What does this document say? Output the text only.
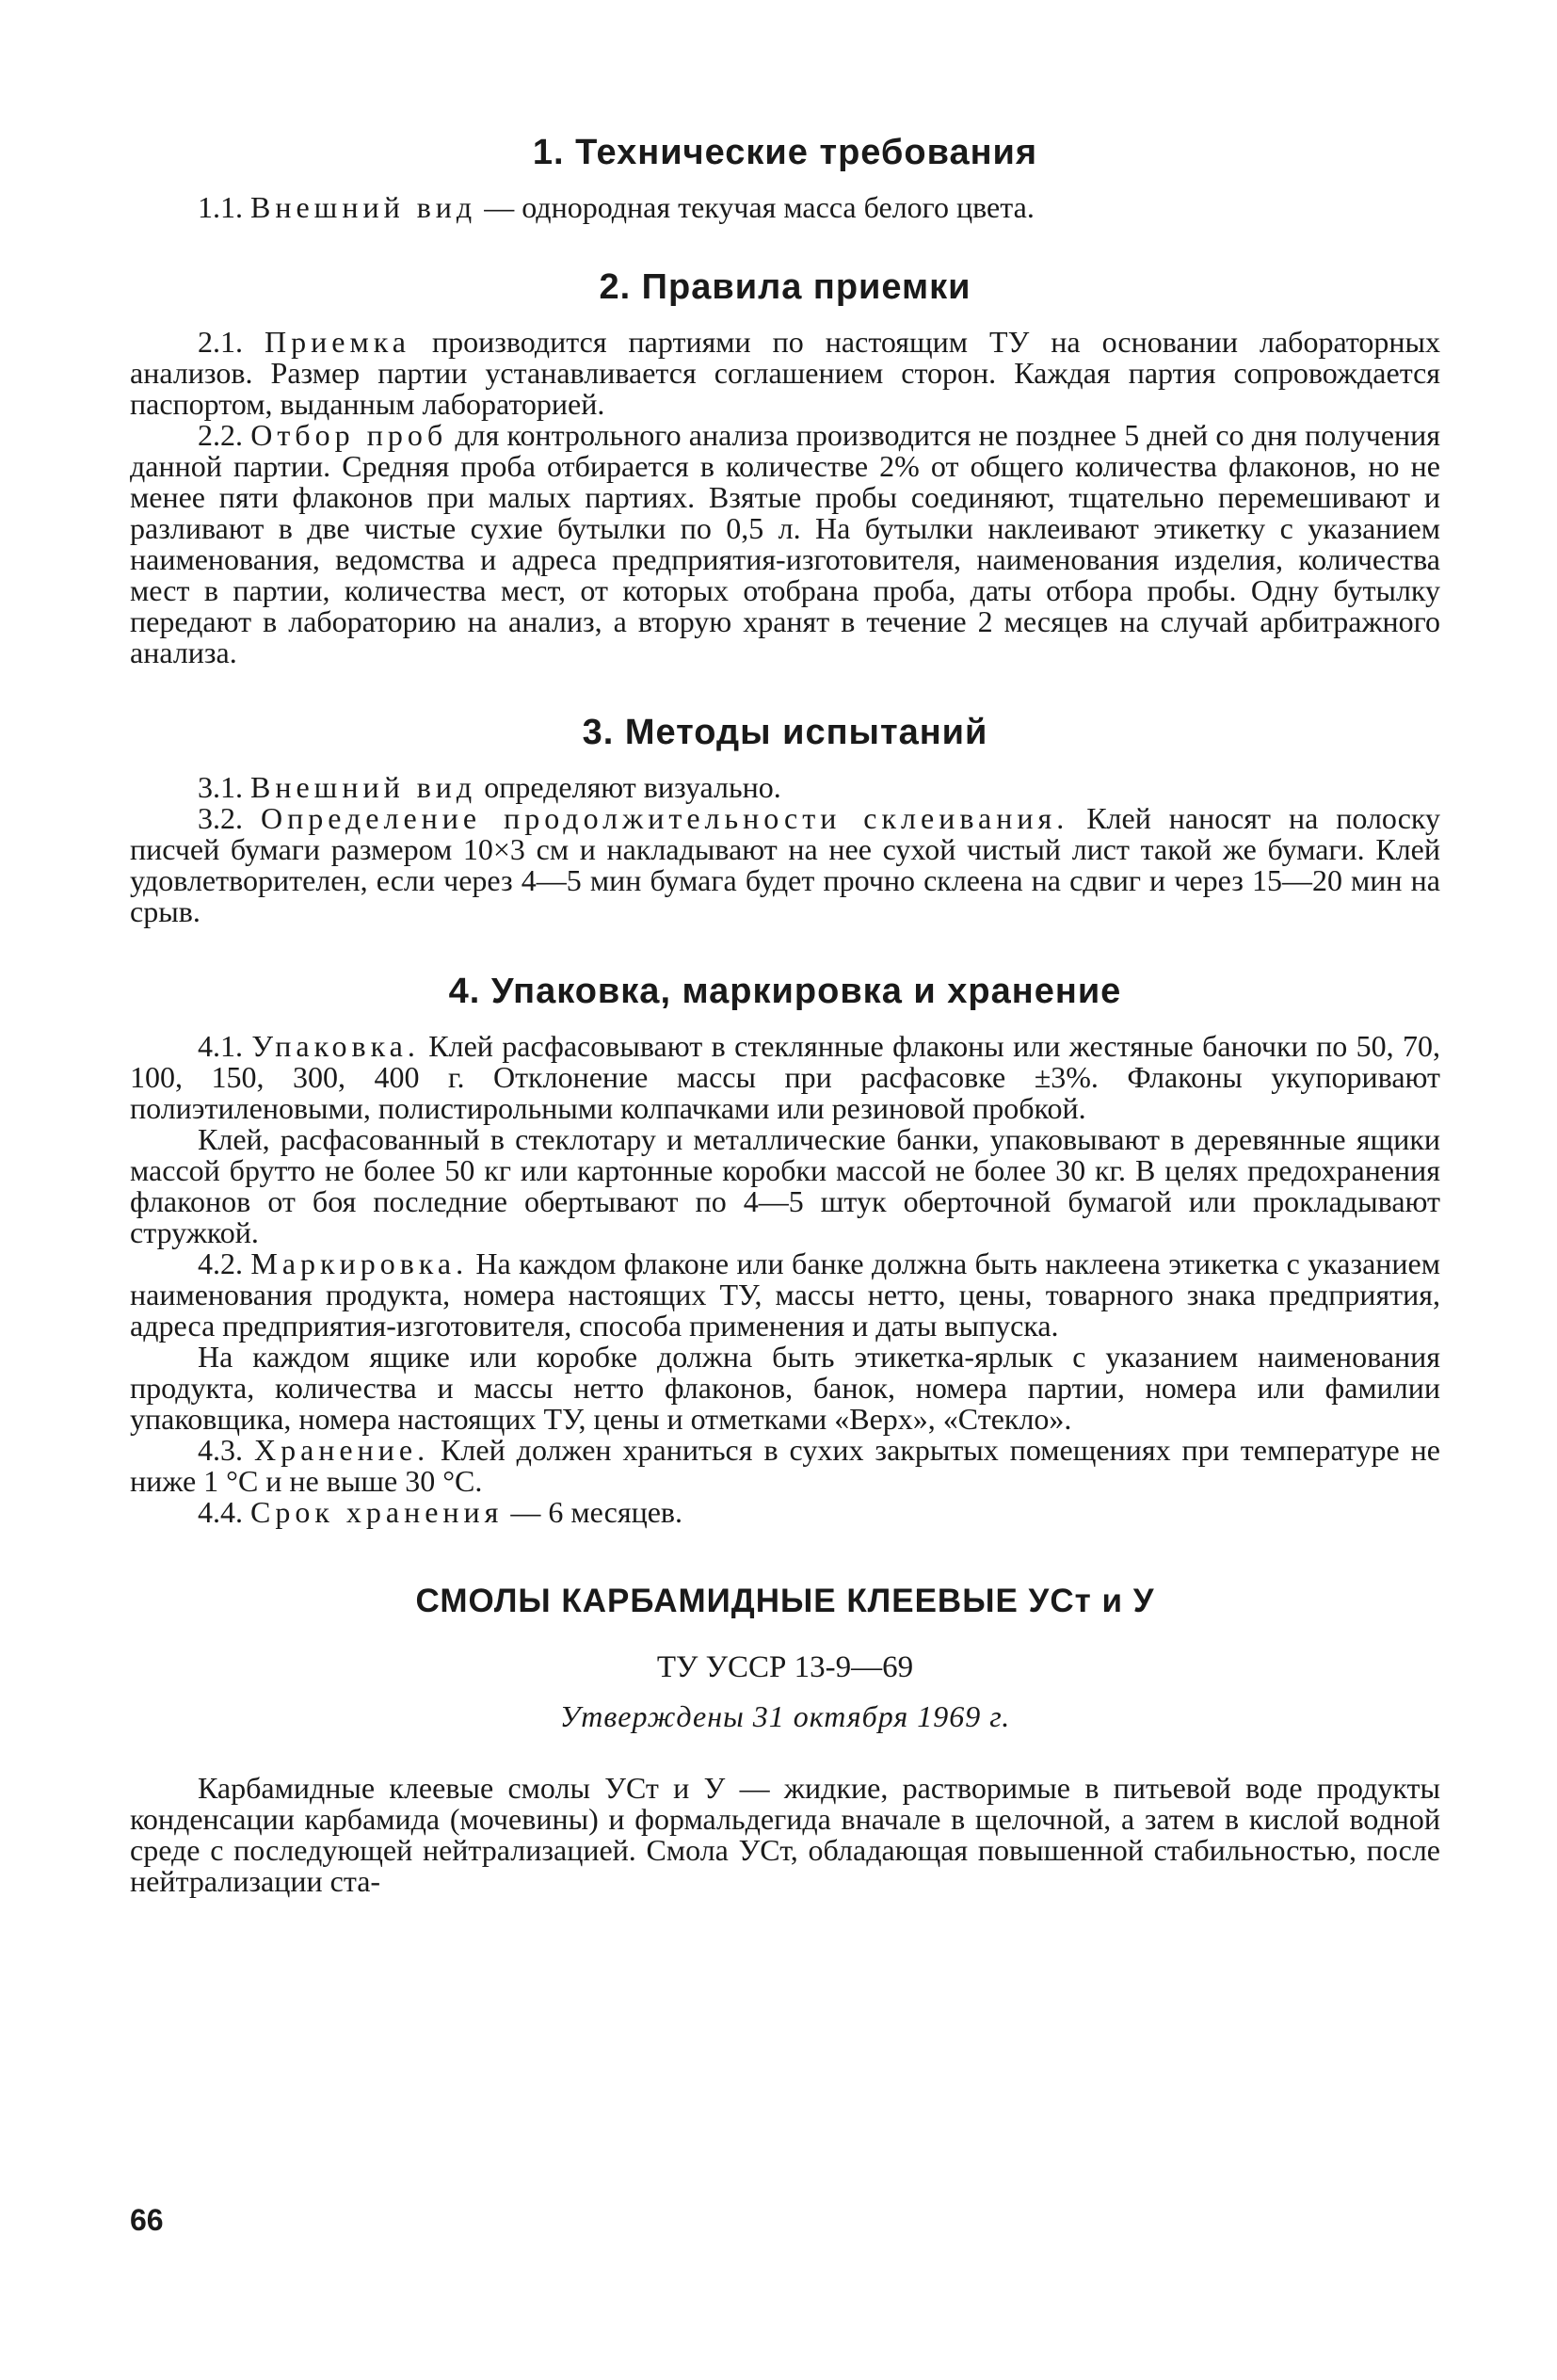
1. Технические требования

1.1. Внешний вид — однородная текучая масса белого цвета.

2. Правила приемки

2.1. Приемка производится партиями по настоящим ТУ на основании лабораторных анализов. Размер партии устанавливается соглашением сторон. Каждая партия сопровождается паспортом, выданным лабораторией.

2.2. Отбор проб для контрольного анализа производится не позднее 5 дней со дня получения данной партии. Средняя проба отбирается в количестве 2% от общего количества флаконов, но не менее пяти флаконов при малых партиях. Взятые пробы соединяют, тщательно перемешивают и разливают в две чистые сухие бутылки по 0,5 л. На бутылки наклеивают этикетку с указанием наименования, ведомства и адреса предприятия-изготовителя, наименования изделия, количества мест в партии, количества мест, от которых отобрана проба, даты отбора пробы. Одну бутылку передают в лабораторию на анализ, а вторую хранят в течение 2 месяцев на случай арбитражного анализа.

3. Методы испытаний

3.1. Внешний вид определяют визуально.

3.2. Определение продолжительности склеивания. Клей наносят на полоску писчей бумаги размером 10×3 см и накладывают на нее сухой чистый лист такой же бумаги. Клей удовлетворителен, если через 4—5 мин бумага будет прочно склеена на сдвиг и через 15—20 мин на срыв.

4. Упаковка, маркировка и хранение

4.1. Упаковка. Клей расфасовывают в стеклянные флаконы или жестяные баночки по 50, 70, 100, 150, 300, 400 г. Отклонение массы при расфасовке ±3%. Флаконы укупоривают полиэтиленовыми, полистирольными колпачками или резиновой пробкой.

Клей, расфасованный в стеклотару и металлические банки, упаковывают в деревянные ящики массой брутто не более 50 кг или картонные коробки массой не более 30 кг. В целях предохранения флаконов от боя последние обертывают по 4—5 штук оберточной бумагой или прокладывают стружкой.

4.2. Маркировка. На каждом флаконе или банке должна быть наклеена этикетка с указанием наименования продукта, номера настоящих ТУ, массы нетто, цены, товарного знака предприятия, адреса предприятия-изготовителя, способа применения и даты выпуска.

На каждом ящике или коробке должна быть этикетка-ярлык с указанием наименования продукта, количества и массы нетто флаконов, банок, номера партии, номера или фамилии упаковщика, номера настоящих ТУ, цены и отметками «Верх», «Стекло».

4.3. Хранение. Клей должен храниться в сухих закрытых помещениях при температуре не ниже 1 °С и не выше 30 °С.

4.4. Срок хранения — 6 месяцев.

СМОЛЫ КАРБАМИДНЫЕ КЛЕЕВЫЕ УСт и У
ТУ УССР 13-9—69
Утверждены 31 октября 1969 г.

Карбамидные клеевые смолы УСт и У — жидкие, растворимые в питьевой воде продукты конденсации карбамида (мочевины) и формальдегида вначале в щелочной, а затем в кислой водной среде с последующей нейтрализацией. Смола УСт, обладающая повышенной стабильностью, после нейтрализации ста-

66
